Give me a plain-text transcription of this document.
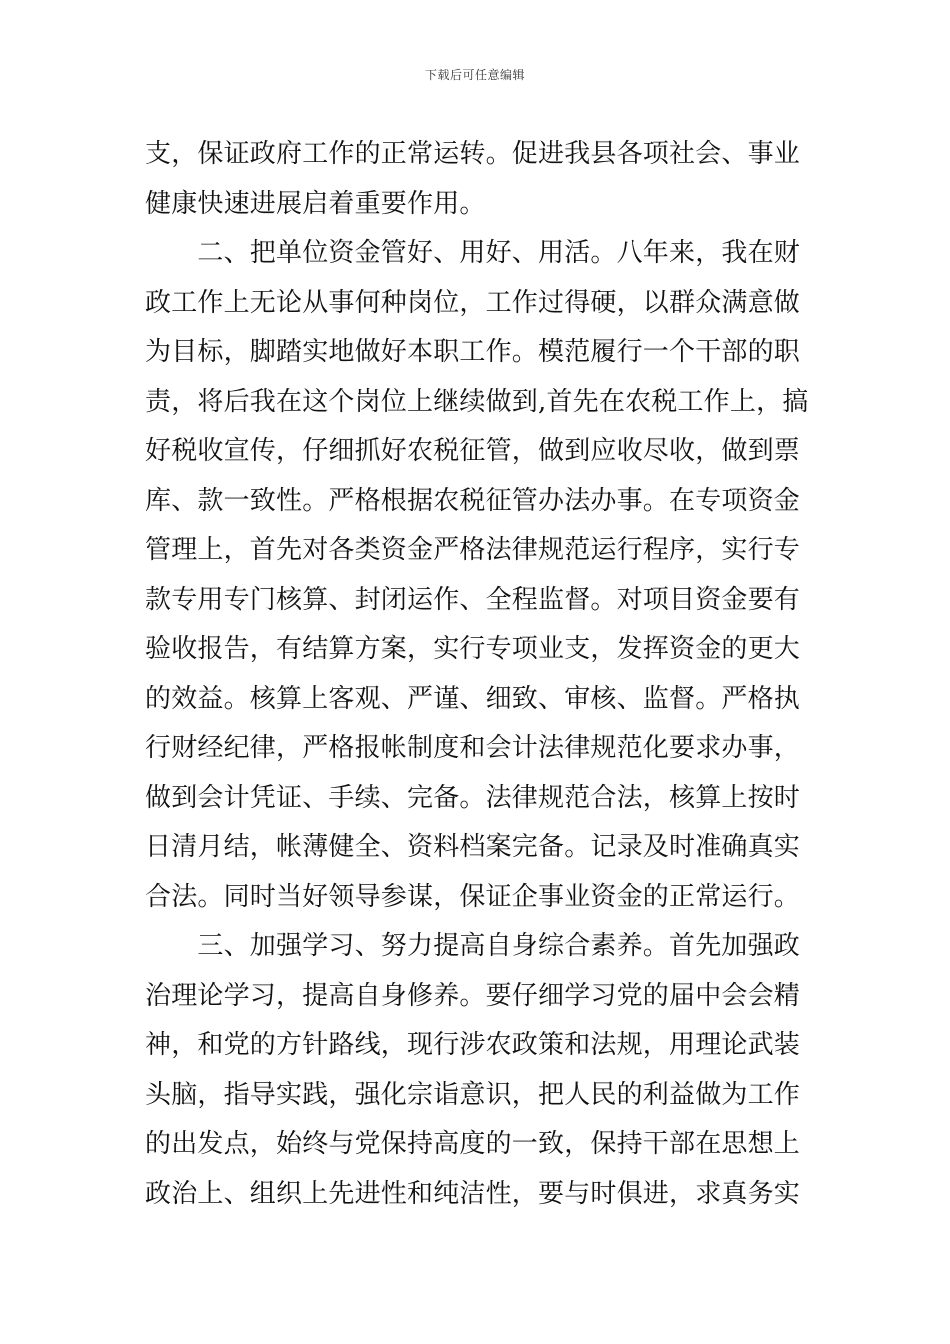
下载后可任意编辑
支，保证政府工作的正常运转。促进我县各项社会、事业
健康快速进展启着重要作用。
　　二、把单位资金管好、用好、用活。八年来，我在财
政工作上无论从事何种岗位，工作过得硬，以群众满意做
为目标，脚踏实地做好本职工作。模范履行一个干部的职
责，将后我在这个岗位上继续做到,首先在农税工作上，搞
好税收宣传，仔细抓好农税征管，做到应收尽收，做到票
库、款一致性。严格根据农税征管办法办事。在专项资金
管理上，首先对各类资金严格法律规范运行程序，实行专
款专用专门核算、封闭运作、全程监督。对项目资金要有
验收报告，有结算方案，实行专项业支，发挥资金的更大
的效益。核算上客观、严谨、细致、审核、监督。严格执
行财经纪律，严格报帐制度和会计法律规范化要求办事，
做到会计凭证、手续、完备。法律规范合法，核算上按时
日清月结，帐薄健全、资料档案完备。记录及时准确真实
合法。同时当好领导参谋，保证企事业资金的正常运行。
　　三、加强学习、努力提高自身综合素养。首先加强政
治理论学习，提高自身修养。要仔细学习党的届中会会精
神，和党的方针路线，现行涉农政策和法规，用理论武装
头脑，指导实践，强化宗诣意识，把人民的利益做为工作
的出发点，始终与党保持高度的一致，保持干部在思想上
政治上、组织上先进性和纯洁性，要与时俱进，求真务实
